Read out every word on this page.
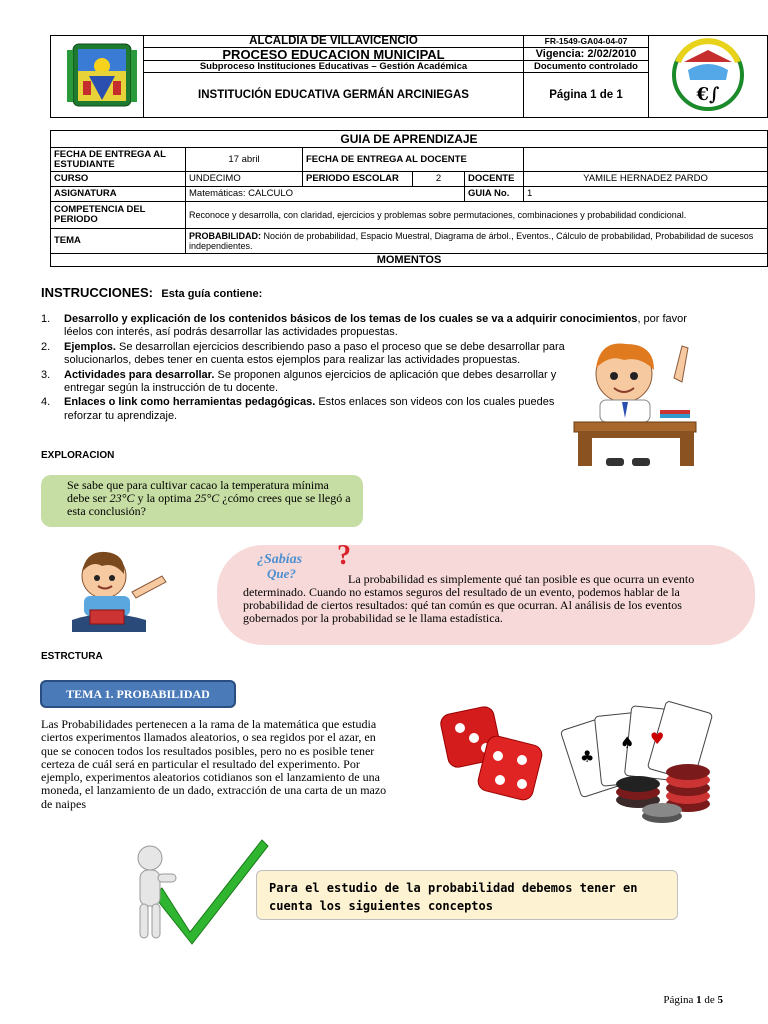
	ALCALDIA DE VILLAVICENCIO	FR-1549-GA04-04-07	€∫

	PROCESO EDUCACION MUNICIPAL	Vigencia: 2/02/2010	
	Subproceso Instituciones Educativas – Gestión Académica	Documento controlado	
	INSTITUCIÓN EDUCATIVA GERMÁN ARCINIEGAS	Página 1 de 1	
GUIA DE APRENDIZAJE					
FECHA DE ENTREGA AL ESTUDIANTE	17 abril	FECHA DE ENTREGA AL DOCENTE			
CURSO	UNDECIMO	PERIODO ESCOLAR	2	DOCENTE	YAMILE HERNADEZ PARDO
ASIGNATURA	Matemáticas: CALCULO			GUIA No.	1
COMPETENCIA DEL PERIODO	Reconoce y desarrolla, con claridad, ejercicios y problemas sobre permutaciones, combinaciones y probabilidad condicional.				
TEMA	PROBABILIDAD: Noción de probabilidad, Espacio Muestral, Diagrama de árbol., Eventos., Cálculo de probabilidad, Probabilidad de sucesos independientes.				
MOMENTOS					
INSTRUCCIONES: Esta guía contiene:
1. Desarrollo y explicación de los contenidos básicos de los temas de los cuales se va a adquirir conocimientos, por favor
léelos con interés, así podrás desarrollar las actividades propuestas.
2. Ejemplos. Se desarrollan ejercicios describiendo paso a paso el proceso que se debe desarrollar para solucionarlos, debes tener en cuenta estos ejemplos para realizar las actividades propuestas.
3. Actividades para desarrollar. Se proponen algunos ejercicios de aplicación que debes desarrollar y entregar según la instrucción de tu docente.
4. Enlaces o link como herramientas pedagógicas. Estos enlaces son videos con los cuales puedes reforzar tu aprendizaje.
EXPLORACION
Se sabe que para cultivar cacao la temperatura mínima debe ser 23°C y la optima 25°C ¿cómo crees que se llegó a esta conclusión?
¿Sabías
Que?
?
La probabilidad es simplemente qué tan posible es que ocurra un evento determinado. Cuando no estamos seguros del resultado de un evento, podemos hablar de la probabilidad de ciertos resultados: qué tan común es que ocurran. Al análisis de los eventos gobernados por la probabilidad se le llama estadística.
ESTRCTURA
TEMA 1. PROBABILIDAD
Las Probabilidades pertenecen a la rama de la matemática que estudia ciertos experimentos llamados aleatorios, o sea regidos por el azar, en que se conocen todos los resultados posibles, pero no es posible tener certeza de cuál será en particular el resultado del experimento. Por ejemplo, experimentos aleatorios cotidianos son el lanzamiento de una moneda, el lanzamiento de un dado, extracción de una carta de un mazo de naipes
♠ ♥
♣
Para el estudio de la probabilidad debemos tener en cuenta los siguientes conceptos
Página 1 de 5
